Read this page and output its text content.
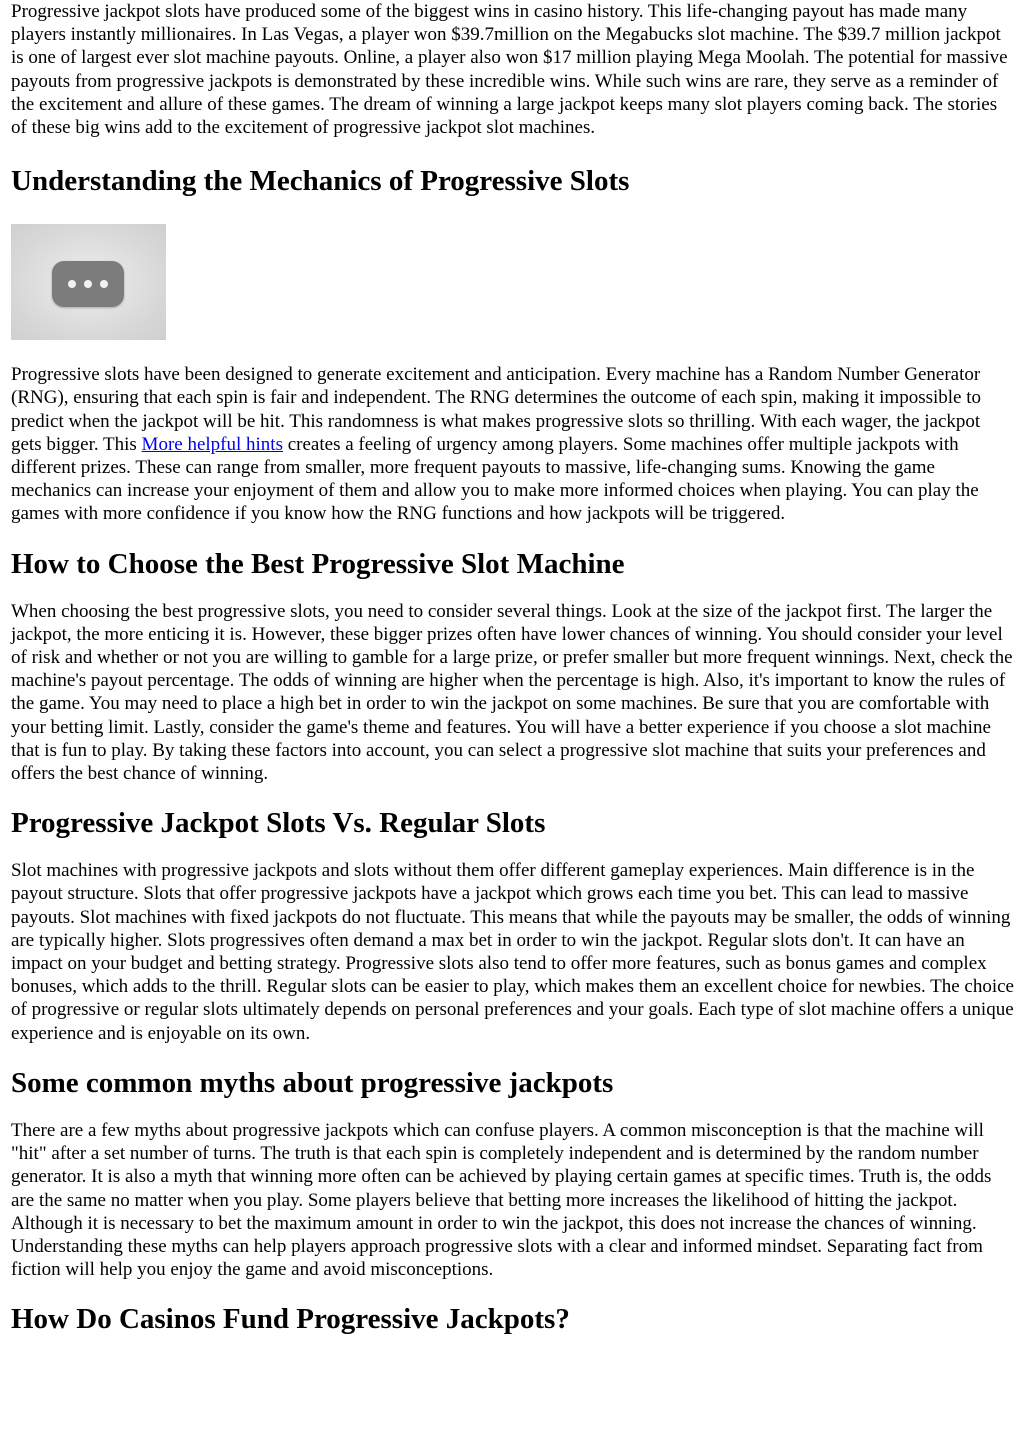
Progressive jackpot slots have produced some of the biggest wins in casino history. This life-changing payout has made many players instantly millionaires. In Las Vegas, a player won $39.7million on the Megabucks slot machine. The $39.7 million jackpot is one of largest ever slot machine payouts. Online, a player also won $17 million playing Mega Moolah. The potential for massive payouts from progressive jackpots is demonstrated by these incredible wins. While such wins are rare, they serve as a reminder of the excitement and allure of these games. The dream of winning a large jackpot keeps many slot players coming back. The stories of these big wins add to the excitement of progressive jackpot slot machines.

Understanding the Mechanics of Progressive Slots

Progressive slots have been designed to generate excitement and anticipation. Every machine has a Random Number Generator (RNG), ensuring that each spin is fair and independent. The RNG determines the outcome of each spin, making it impossible to predict when the jackpot will be hit. This randomness is what makes progressive slots so thrilling. With each wager, the jackpot gets bigger. This More helpful hints creates a feeling of urgency among players. Some machines offer multiple jackpots with different prizes. These can range from smaller, more frequent payouts to massive, life-changing sums. Knowing the game mechanics can increase your enjoyment of them and allow you to make more informed choices when playing. You can play the games with more confidence if you know how the RNG functions and how jackpots will be triggered.

How to Choose the Best Progressive Slot Machine

When choosing the best progressive slots, you need to consider several things. Look at the size of the jackpot first. The larger the jackpot, the more enticing it is. However, these bigger prizes often have lower chances of winning. You should consider your level of risk and whether or not you are willing to gamble for a large prize, or prefer smaller but more frequent winnings. Next, check the machine's payout percentage. The odds of winning are higher when the percentage is high. Also, it's important to know the rules of the game. You may need to place a high bet in order to win the jackpot on some machines. Be sure that you are comfortable with your betting limit. Lastly, consider the game's theme and features. You will have a better experience if you choose a slot machine that is fun to play. By taking these factors into account, you can select a progressive slot machine that suits your preferences and offers the best chance of winning.

Progressive Jackpot Slots Vs. Regular Slots

Slot machines with progressive jackpots and slots without them offer different gameplay experiences. Main difference is in the payout structure. Slots that offer progressive jackpots have a jackpot which grows each time you bet. This can lead to massive payouts. Slot machines with fixed jackpots do not fluctuate. This means that while the payouts may be smaller, the odds of winning are typically higher. Slots progressives often demand a max bet in order to win the jackpot. Regular slots don't. It can have an impact on your budget and betting strategy. Progressive slots also tend to offer more features, such as bonus games and complex bonuses, which adds to the thrill. Regular slots can be easier to play, which makes them an excellent choice for newbies. The choice of progressive or regular slots ultimately depends on personal preferences and your goals. Each type of slot machine offers a unique experience and is enjoyable on its own.

Some common myths about progressive jackpots

There are a few myths about progressive jackpots which can confuse players. A common misconception is that the machine will "hit" after a set number of turns. The truth is that each spin is completely independent and is determined by the random number generator. It is also a myth that winning more often can be achieved by playing certain games at specific times. Truth is, the odds are the same no matter when you play. Some players believe that betting more increases the likelihood of hitting the jackpot. Although it is necessary to bet the maximum amount in order to win the jackpot, this does not increase the chances of winning. Understanding these myths can help players approach progressive slots with a clear and informed mindset. Separating fact from fiction will help you enjoy the game and avoid misconceptions.

How Do Casinos Fund Progressive Jackpots?
